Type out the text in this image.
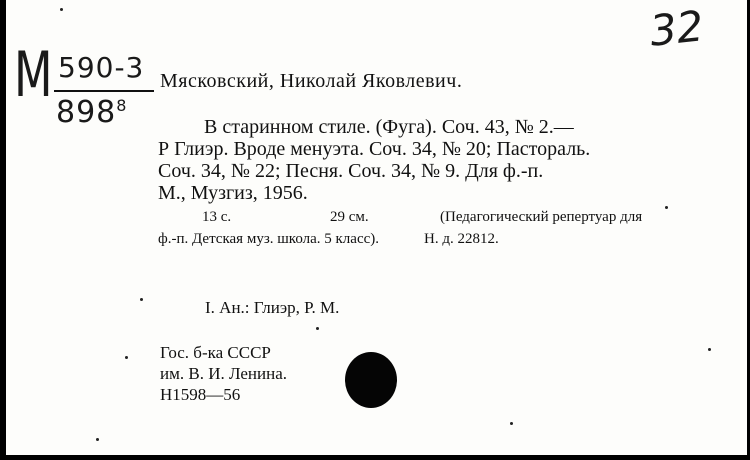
M 590-3
$898^8$
32
Мясковский, Николай Яковлевич.
В старинном стиле. (Фуга). Соч. 43, № 2.—
Р Глиэр. Вроде менуэта. Соч. 34, № 20; Пастораль.
Соч. 34, № 22; Песня. Соч. 34, № 9. Для ф.-п.
М., Музгиз, 1956.
13 с.	29 см.	(Педагогический репертуар для
ф.-п. Детская муз. школа. 5 класс).	Н. д. 22812.
I. Ан.: Глиэр, Р. М.
Гос. б-ка СССР
им. В. И. Ленина.
Н1598—56
